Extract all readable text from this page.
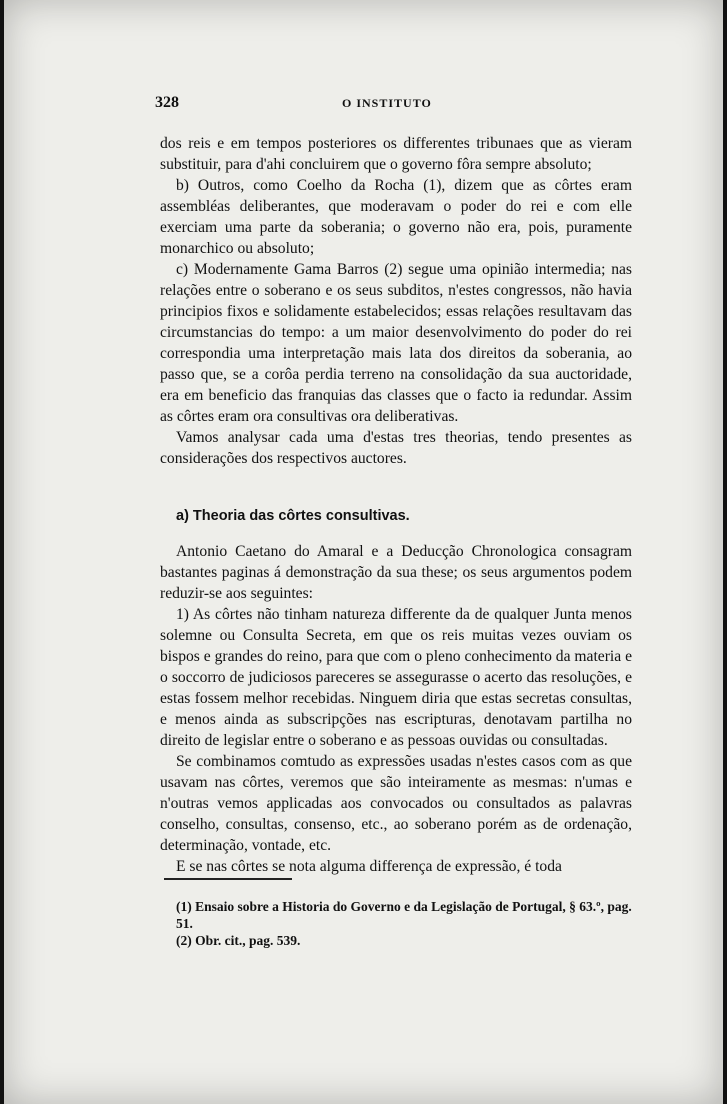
328	O INSTITUTO

dos reis e em tempos posteriores os differentes tribunaes que as vieram substituir, para d'ahi concluirem que o governo fôra sempre absoluto;

b) Outros, como Coelho da Rocha (1), dizem que as côrtes eram assembléas deliberantes, que moderavam o poder do rei e com elle exerciam uma parte da soberania; o governo não era, pois, puramente monarchico ou absoluto;

c) Modernamente Gama Barros (2) segue uma opinião intermedia; nas relações entre o soberano e os seus subditos, n'estes congressos, não havia principios fixos e solidamente estabelecidos; essas relações resultavam das circumstancias do tempo: a um maior desenvolvimento do poder do rei correspondia uma interpretação mais lata dos direitos da soberania, ao passo que, se a corôa perdia terreno na consolidação da sua auctoridade, era em beneficio das franquias das classes que o facto ia redundar. Assim as côrtes eram ora consultivas ora deliberativas.

Vamos analysar cada uma d'estas tres theorias, tendo presentes as considerações dos respectivos auctores.

a) Theoria das côrtes consultivas.

Antonio Caetano do Amaral e a Deducção Chronologica consagram bastantes paginas á demonstração da sua these; os seus argumentos podem reduzir-se aos seguintes:

1) As côrtes não tinham natureza differente da de qualquer Junta menos solemne ou Consulta Secreta, em que os reis muitas vezes ouviam os bispos e grandes do reino, para que com o pleno conhecimento da materia e o soccorro de judiciosos pareceres se assegurasse o acerto das resoluções, e estas fossem melhor recebidas. Ninguem diria que estas secretas consultas, e menos ainda as subscripções nas escripturas, denotavam partilha no direito de legislar entre o soberano e as pessoas ouvidas ou consultadas.

Se combinamos comtudo as expressões usadas n'estes casos com as que usavam nas côrtes, veremos que são inteiramente as mesmas: n'umas e n'outras vemos applicadas aos convocados ou consultados as palavras conselho, consultas, consenso, etc., ao soberano porém as de ordenação, determinação, vontade, etc.

E se nas côrtes se nota alguma differença de expressão, é toda

(1) Ensaio sobre a Historia do Governo e da Legislação de Portugal, § 63.º, pag. 51.
(2) Obr. cit., pag. 539.
